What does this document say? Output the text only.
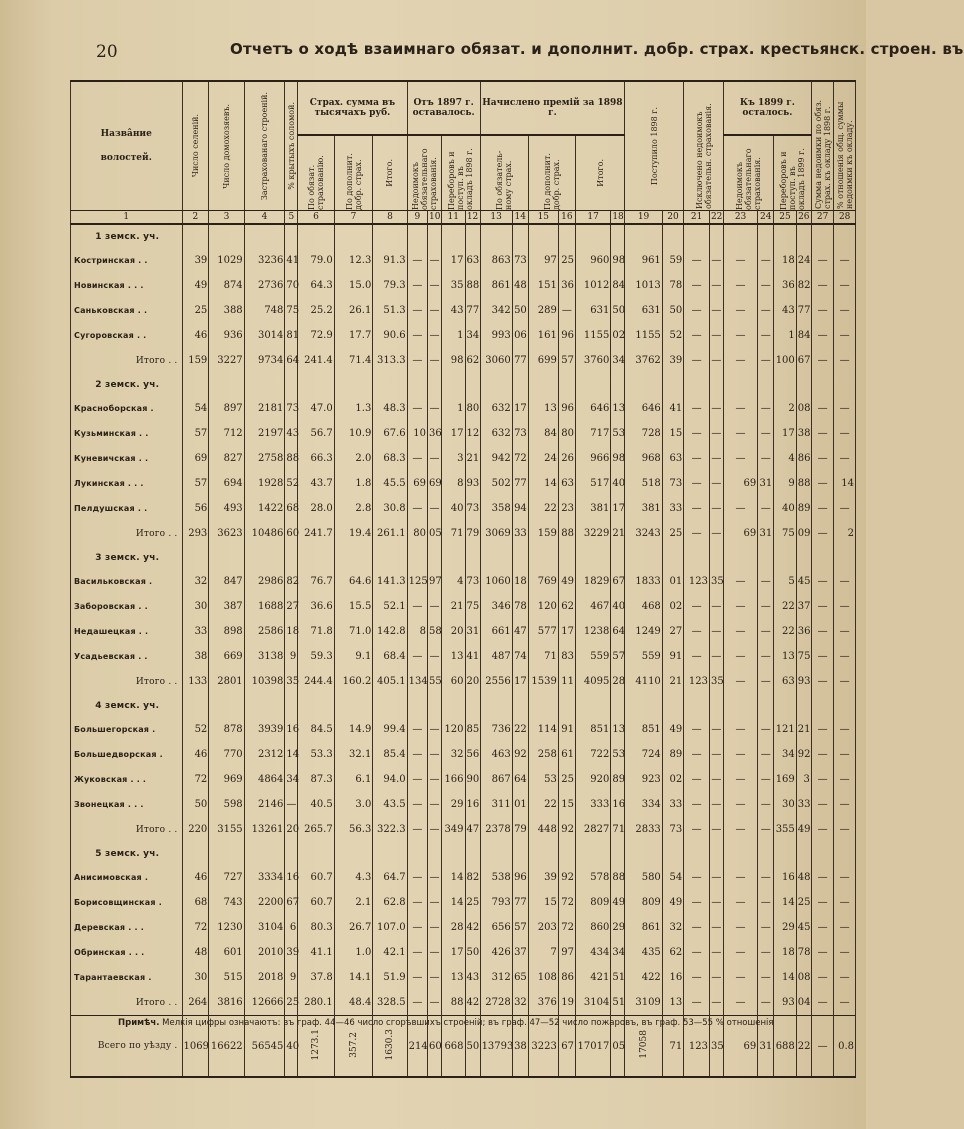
20	Отчетъ о ходѣ взаимнаго обязат. и дополнит. добр. страх. крестьянск. строен. въ
Назва̂ние
волостей.	Число селеній.	Число домохозяевъ.	Застрахованаго строеній.	% крытыхъ соломой.	Страх. сумма въ тысячахъ руб.			Отъ 1897 г. оставалось.				Начислено премій за 1898 г.						Поступило 1898 г.		Исключено недоимокъ обязательн. страхованія.		Къ 1899 г. осталось.				Сумма недоимки по обяз. страх. къ окладу 1898 г.	% отношенія общ. суммы недоимки къ окладу.

					По обязат. страхованію.	По дополнит. добр. страх.	Итого.	Недоимокъ обязательнаго страхованія.		Переборовъ и поступ. въ окладъ 1898 г.		По обязатель-ному страх.		По дополнит. добр. страх.		Итого.						Недоимокъ обязательнаго страхованія.		Переборовъ и поступ. въ окладъ 1899 г.			

1	2	3	4	5	6	7	8	9	10	11	12	13	14	15	16	17	18	19	20	21	22	23	24	25	26	27	28
1 земск. уч.																											
Костринская . .	39	1029	3236	41	79.0	12.3	91.3	—	—	17	63	863	73	97	25	960	98	961	59	—	—	—	—	18	24	—	—
Новинская . . .	49	874	2736	70	64.3	15.0	79.3	—	—	35	88	861	48	151	36	1012	84	1013	78	—	—	—	—	36	82	—	—
Саньковская . .	25	388	748	75	25.2	26.1	51.3	—	—	43	77	342	50	289	—	631	50	631	50	—	—	—	—	43	77	—	—
Сугоровская . .	46	936	3014	81	72.9	17.7	90.6	—	—	1	34	993	06	161	96	1155	02	1155	52	—	—	—	—	1	84	—	—
Итого . .	159	3227	9734	64	241.4	71.4	313.3	—	—	98	62	3060	77	699	57	3760	34	3762	39	—	—	—	—	100	67	—	—
2 земск. уч.																											
Краснoборская .	54	897	2181	73	47.0	1.3	48.3	—	—	1	80	632	17	13	96	646	13	646	41	—	—	—	—	2	08	—	—
Кузьминская . .	57	712	2197	43	56.7	10.9	67.6	10	36	17	12	632	73	84	80	717	53	728	15	—	—	—	—	17	38	—	—
Куневичская . .	69	827	2758	88	66.3	2.0	68.3	—	—	3	21	942	72	24	26	966	98	968	63	—	—	—	—	4	86	—	—
Лукинская . . .	57	694	1928	52	43.7	1.8	45.5	69	69	8	93	502	77	14	63	517	40	518	73	—	—	69	31	9	88	—	14
Пелдушская . .	56	493	1422	68	28.0	2.8	30.8	—	—	40	73	358	94	22	23	381	17	381	33	—	—	—	—	40	89	—	—
Итого . .	293	3623	10486	60	241.7	19.4	261.1	80	05	71	79	3069	33	159	88	3229	21	3243	25	—	—	69	31	75	09	—	2
3 земск. уч.																											
Васильковская .	32	847	2986	82	76.7	64.6	141.3	125	97	4	73	1060	18	769	49	1829	67	1833	01	123	35	—	—	5	45	—	—
Заборовская . .	30	387	1688	27	36.6	15.5	52.1	—	—	21	75	346	78	120	62	467	40	468	02	—	—	—	—	22	37	—	—
Недашецкая . .	33	898	2586	18	71.8	71.0	142.8	8	58	20	31	661	47	577	17	1238	64	1249	27	—	—	—	—	22	36	—	—
Усадьевская . .	38	669	3138	9	59.3	9.1	68.4	—	—	13	41	487	74	71	83	559	57	559	91	—	—	—	—	13	75	—	—
Итого . .	133	2801	10398	35	244.4	160.2	405.1	134	55	60	20	2556	17	1539	11	4095	28	4110	21	123	35	—	—	63	93	—	—
4 земск. уч.																											
Большегорская .	52	878	3939	16	84.5	14.9	99.4	—	—	120	85	736	22	114	91	851	13	851	49	—	—	—	—	121	21	—	—
Большедворская .	46	770	2312	14	53.3	32.1	85.4	—	—	32	56	463	92	258	61	722	53	724	89	—	—	—	—	34	92	—	—
Жуковская . . .	72	969	4864	34	87.3	6.1	94.0	—	—	166	90	867	64	53	25	920	89	923	02	—	—	—	—	169	3	—	—
Звонецкая . . .	50	598	2146	—	40.5	3.0	43.5	—	—	29	16	311	01	22	15	333	16	334	33	—	—	—	—	30	33	—	—
Итого . .	220	3155	13261	20	265.7	56.3	322.3	—	—	349	47	2378	79	448	92	2827	71	2833	73	—	—	—	—	355	49	—	—
5 земск. уч.																											
Анисимовская .	46	727	3334	16	60.7	4.3	64.7	—	—	14	82	538	96	39	92	578	88	580	54	—	—	—	—	16	48	—	—
Борисовщинская .	68	743	2200	67	60.7	2.1	62.8	—	—	14	25	793	77	15	72	809	49	809	49	—	—	—	—	14	25	—	—
Деревская . . .	72	1230	3104	6	80.3	26.7	107.0	—	—	28	42	656	57	203	72	860	29	861	32	—	—	—	—	29	45	—	—
Обринская . . .	48	601	2010	39	41.1	1.0	42.1	—	—	17	50	426	37	7	97	434	34	435	62	—	—	—	—	18	78	—	—
Тарантаевская .	30	515	2018	9	37.8	14.1	51.9	—	—	13	43	312	65	108	86	421	51	422	16	—	—	—	—	14	08	—	—
Итого . .	264	3816	12666	25	280.1	48.4	328.5	—	—	88	42	2728	32	376	19	3104	51	3109	13	—	—	—	—	93	04	—	—
Всего по уѣзду .	1069	16622	56545	40	1273.1	357.2	1630.3	214	60	668	50	13793	38	3223	67	17017	05	17058	71	123	35	69	31	688	22	—	0.8
Примѣч. Мелкія цифры означаютъ: въ граф. 44—46 число сгорѣвшихъ строеній; въ граф. 47—52 число пожаровъ, въ граф. 53—55 % отношенія
